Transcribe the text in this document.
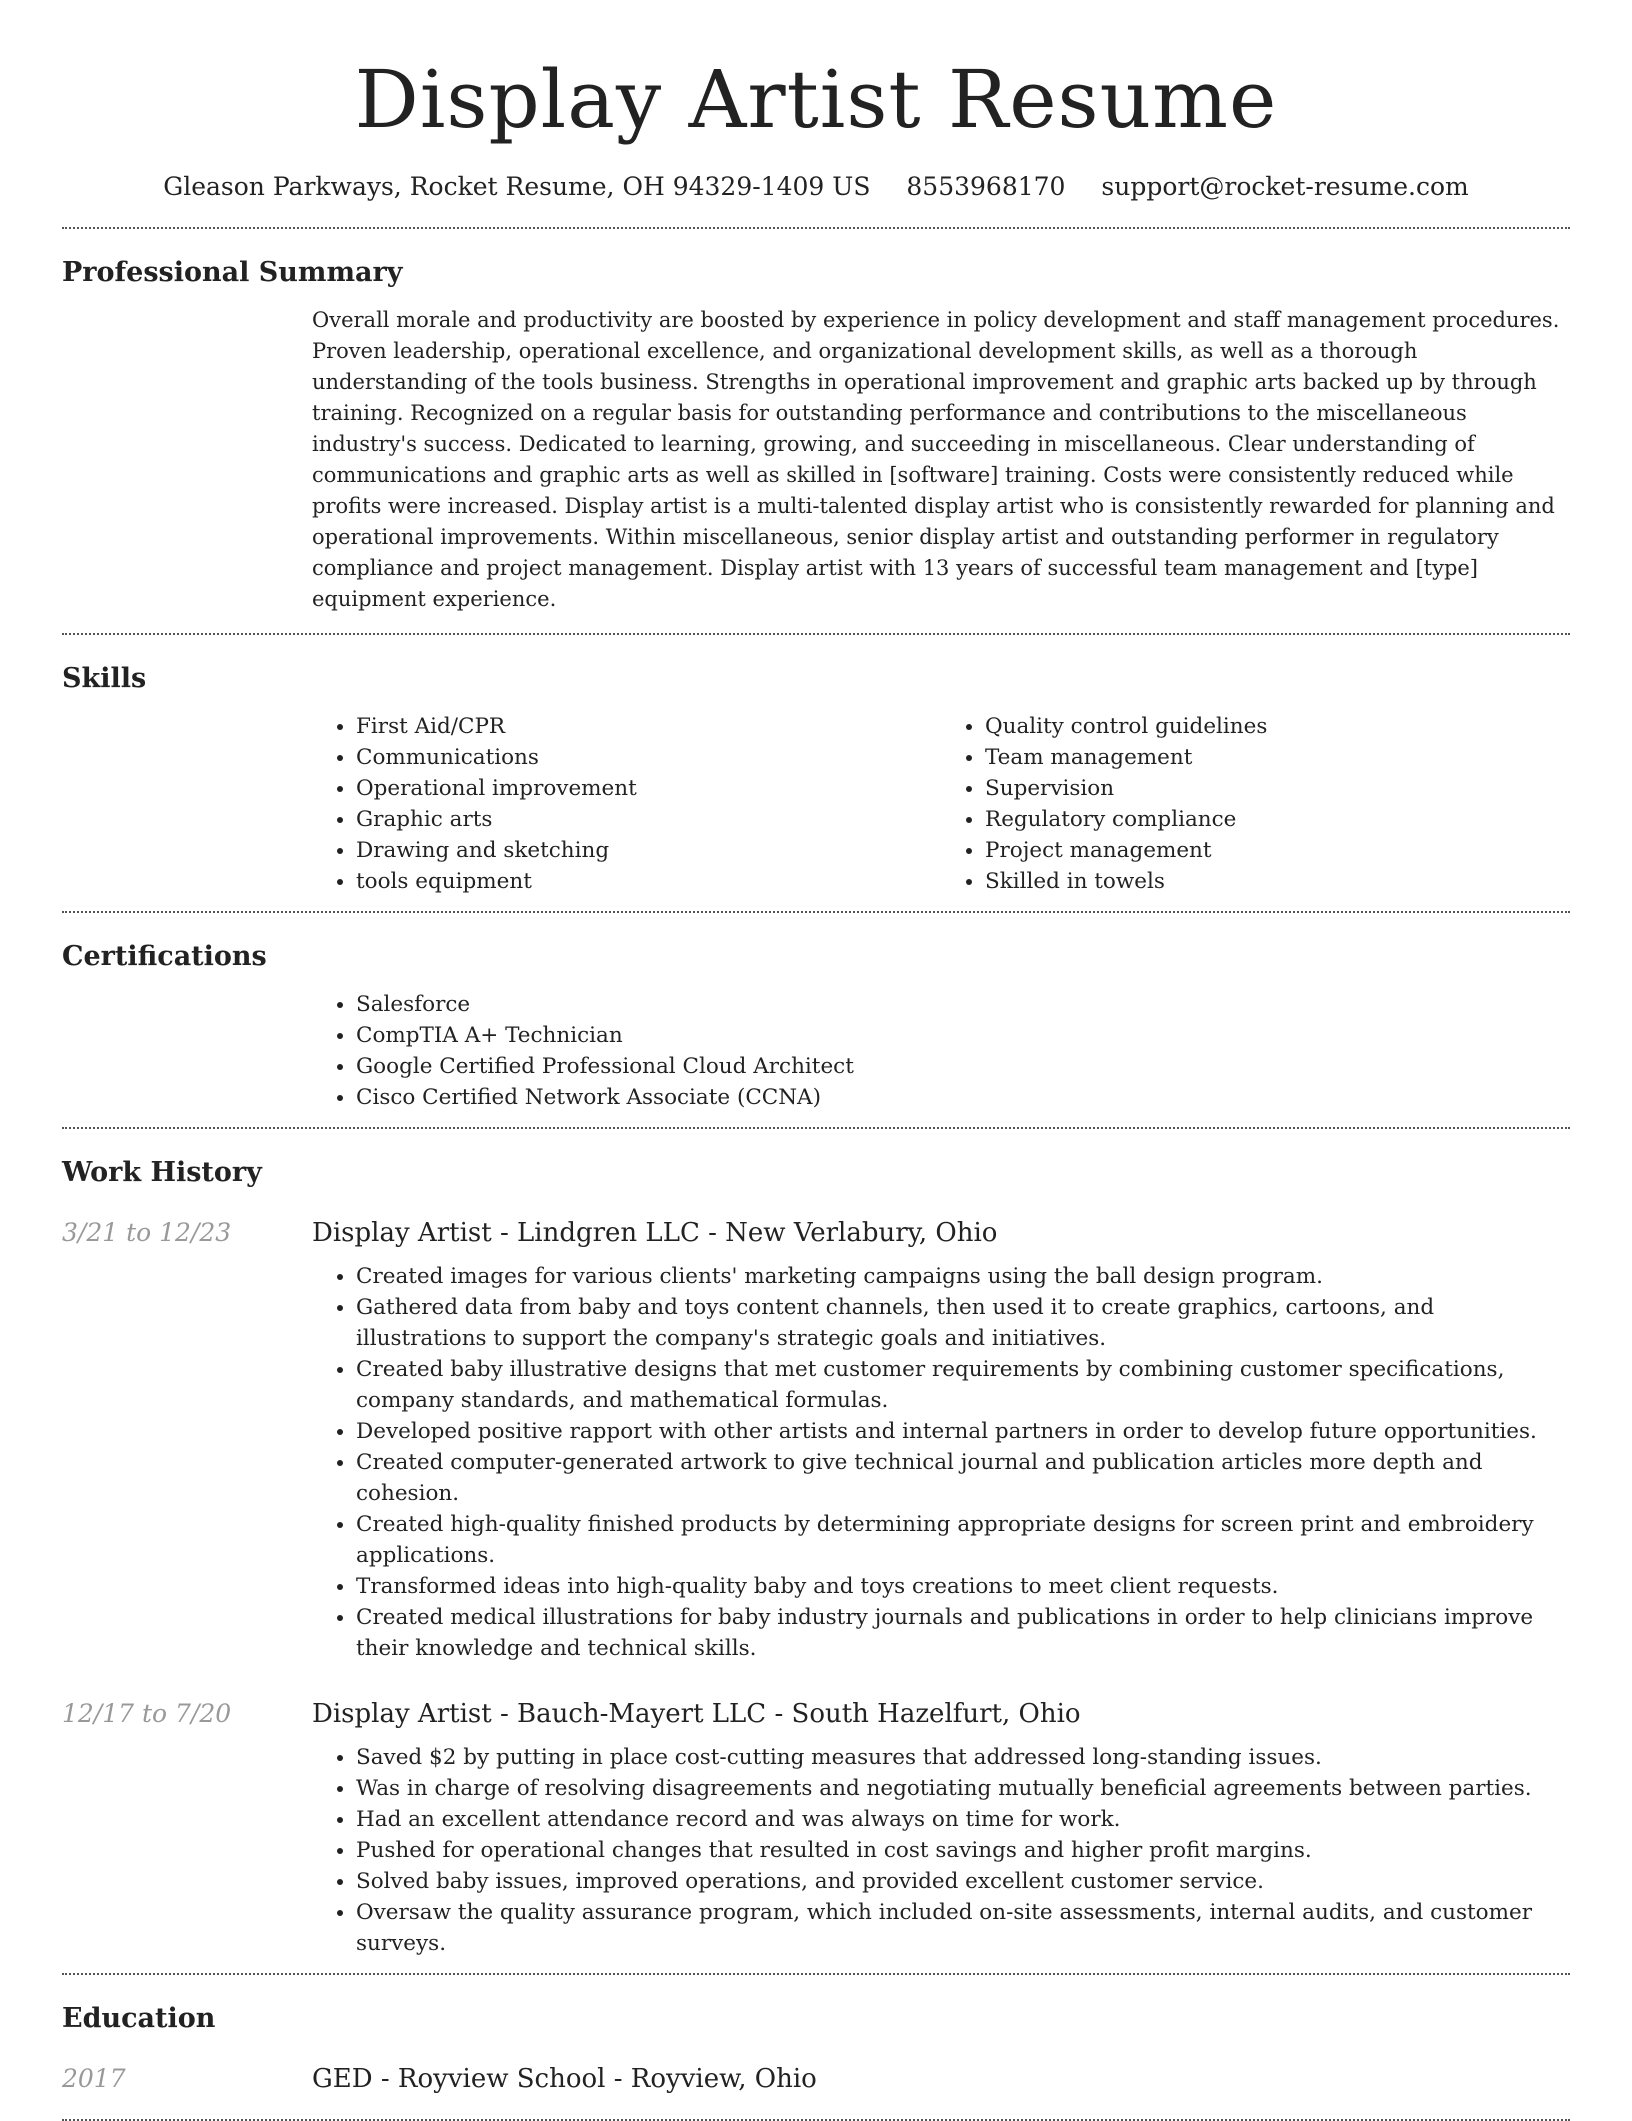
Display Artist Resume
Gleason Parkways, Rocket Resume, OH 94329-1409 US 8553968170 support@rocket-resume.com
Professional Summary
Overall morale and productivity are boosted by experience in policy development and staff management procedures. Proven leadership, operational excellence, and organizational development skills, as well as a thorough understanding of the tools business. Strengths in operational improvement and graphic arts backed up by through training. Recognized on a regular basis for outstanding performance and contributions to the miscellaneous industry's success. Dedicated to learning, growing, and succeeding in miscellaneous. Clear understanding of communications and graphic arts as well as skilled in [software] training. Costs were consistently reduced while profits were increased. Display artist is a multi-talented display artist who is consistently rewarded for planning and operational improvements. Within miscellaneous, senior display artist and outstanding performer in regulatory compliance and project management. Display artist with 13 years of successful team management and [type] equipment experience.
Skills
• First Aid/CPR
• Communications
• Operational improvement
• Graphic arts
• Drawing and sketching
• tools equipment
• Quality control guidelines
• Team management
• Supervision
• Regulatory compliance
• Project management
• Skilled in towels
Certifications
• Salesforce
• CompTIA A+ Technician
• Google Certified Professional Cloud Architect
• Cisco Certified Network Associate (CCNA)
Work History
3/21 to 12/23	Display Artist - Lindgren LLC - New Verlabury, Ohio
• Created images for various clients' marketing campaigns using the ball design program.
• Gathered data from baby and toys content channels, then used it to create graphics, cartoons, and illustrations to support the company's strategic goals and initiatives.
• Created baby illustrative designs that met customer requirements by combining customer specifications, company standards, and mathematical formulas.
• Developed positive rapport with other artists and internal partners in order to develop future opportunities.
• Created computer-generated artwork to give technical journal and publication articles more depth and cohesion.
• Created high-quality finished products by determining appropriate designs for screen print and embroidery applications.
• Transformed ideas into high-quality baby and toys creations to meet client requests.
• Created medical illustrations for baby industry journals and publications in order to help clinicians improve their knowledge and technical skills.
12/17 to 7/20	Display Artist - Bauch-Mayert LLC - South Hazelfurt, Ohio
• Saved $2 by putting in place cost-cutting measures that addressed long-standing issues.
• Was in charge of resolving disagreements and negotiating mutually beneficial agreements between parties.
• Had an excellent attendance record and was always on time for work.
• Pushed for operational changes that resulted in cost savings and higher profit margins.
• Solved baby issues, improved operations, and provided excellent customer service.
• Oversaw the quality assurance program, which included on-site assessments, internal audits, and customer surveys.
Education
2017	GED - Royview School - Royview, Ohio
